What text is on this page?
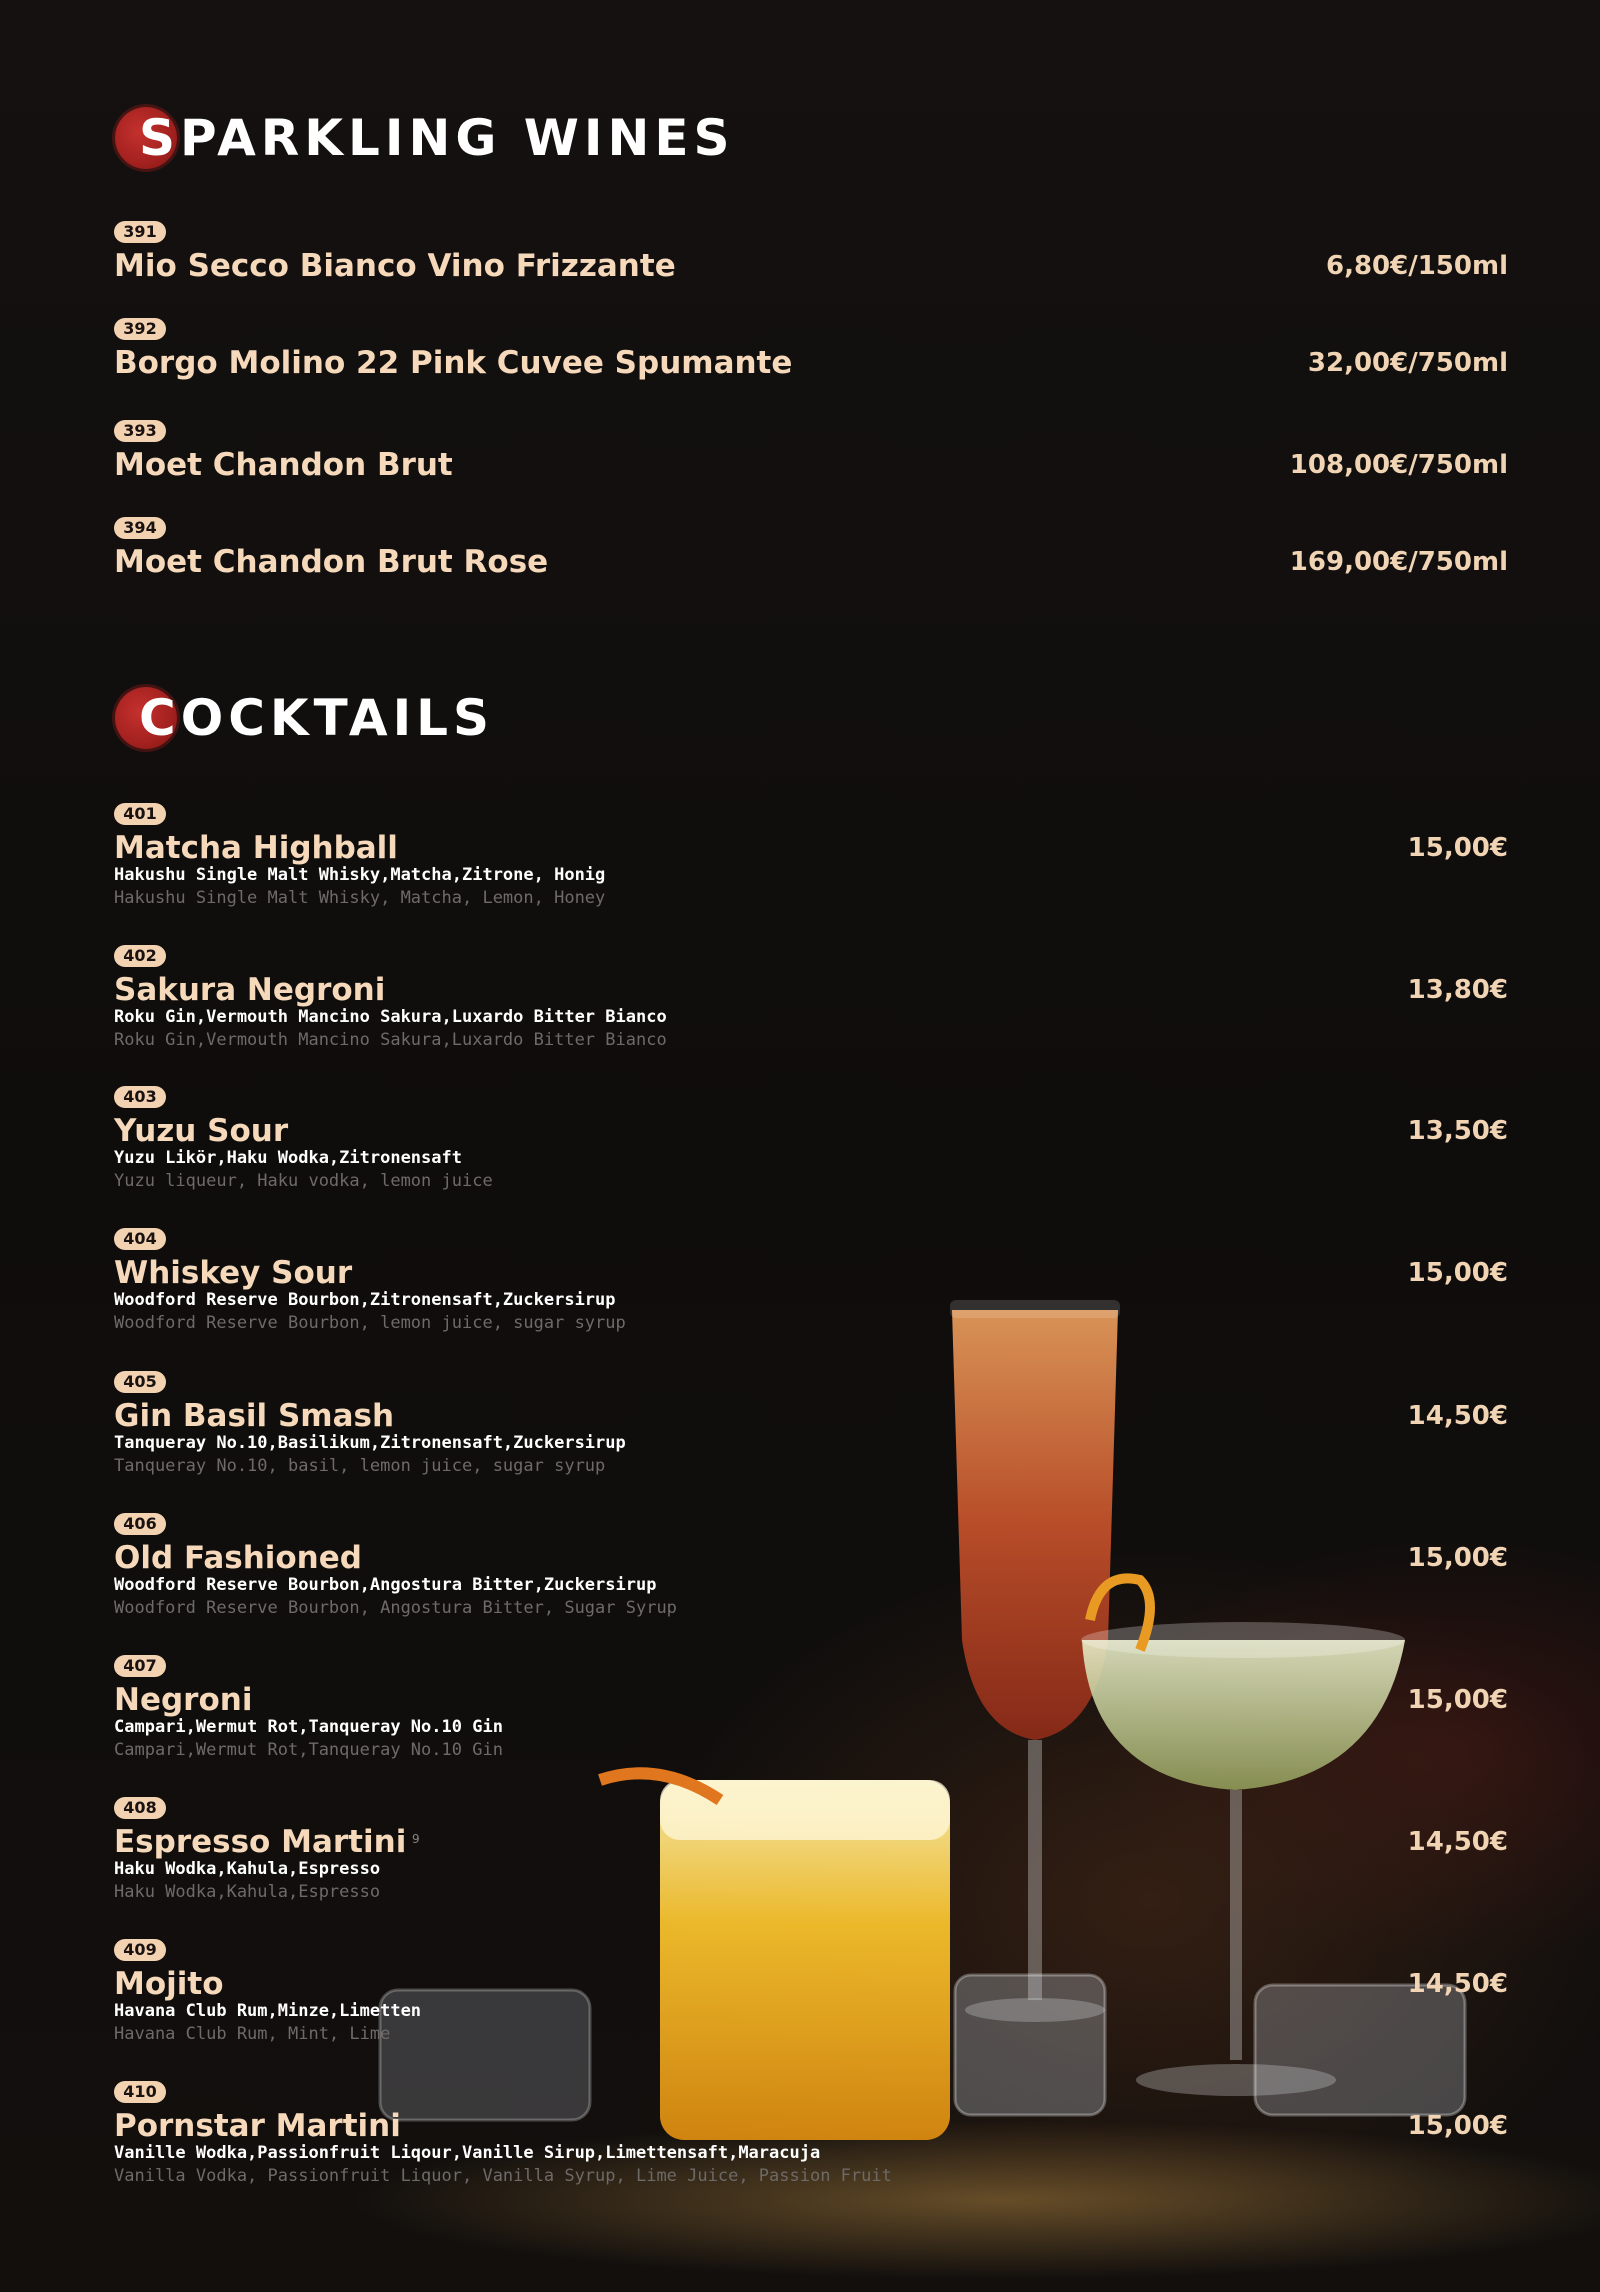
SPARKLING WINES
391
Mio Secco Bianco Vino Frizzante	6,80€/150ml
392
Borgo Molino 22 Pink Cuvee Spumante	32,00€/750ml
393
Moet Chandon Brut	108,00€/750ml
394
Moet Chandon Brut Rose	169,00€/750ml
COCKTAILS
401
Matcha Highball	15,00€
Hakushu Single Malt Whisky,Matcha,Zitrone, Honig
Hakushu Single Malt Whisky, Matcha, Lemon, Honey
402
Sakura Negroni	13,80€
Roku Gin,Vermouth Mancino Sakura,Luxardo Bitter Bianco
Roku Gin,Vermouth Mancino Sakura,Luxardo Bitter Bianco
403
Yuzu Sour	13,50€
Yuzu Likör,Haku Wodka,Zitronensaft
Yuzu liqueur, Haku vodka, lemon juice
404
Whiskey Sour	15,00€
Woodford Reserve Bourbon,Zitronensaft,Zuckersirup
Woodford Reserve Bourbon, lemon juice, sugar syrup
405
Gin Basil Smash	14,50€
Tanqueray No.10,Basilikum,Zitronensaft,Zuckersirup
Tanqueray No.10, basil, lemon juice, sugar syrup
406
Old Fashioned	15,00€
Woodford Reserve Bourbon,Angostura Bitter,Zuckersirup
Woodford Reserve Bourbon, Angostura Bitter, Sugar Syrup
407
Negroni	15,00€
Campari,Wermut Rot,Tanqueray No.10 Gin
Campari,Wermut Rot,Tanqueray No.10 Gin
408
Espresso Martini	14,50€
Haku Wodka,Kahula,Espresso
Haku Wodka,Kahula,Espresso
409
Mojito	14,50€
Havana Club Rum,Minze,Limetten
Havana Club Rum, Mint, Lime
410
Pornstar Martini	15,00€
Vanille Wodka,Passionfruit Liqour,Vanille Sirup,Limettensaft,Maracuja
Vanilla Vodka, Passionfruit Liquor, Vanilla Syrup, Lime Juice, Passion Fruit
9
